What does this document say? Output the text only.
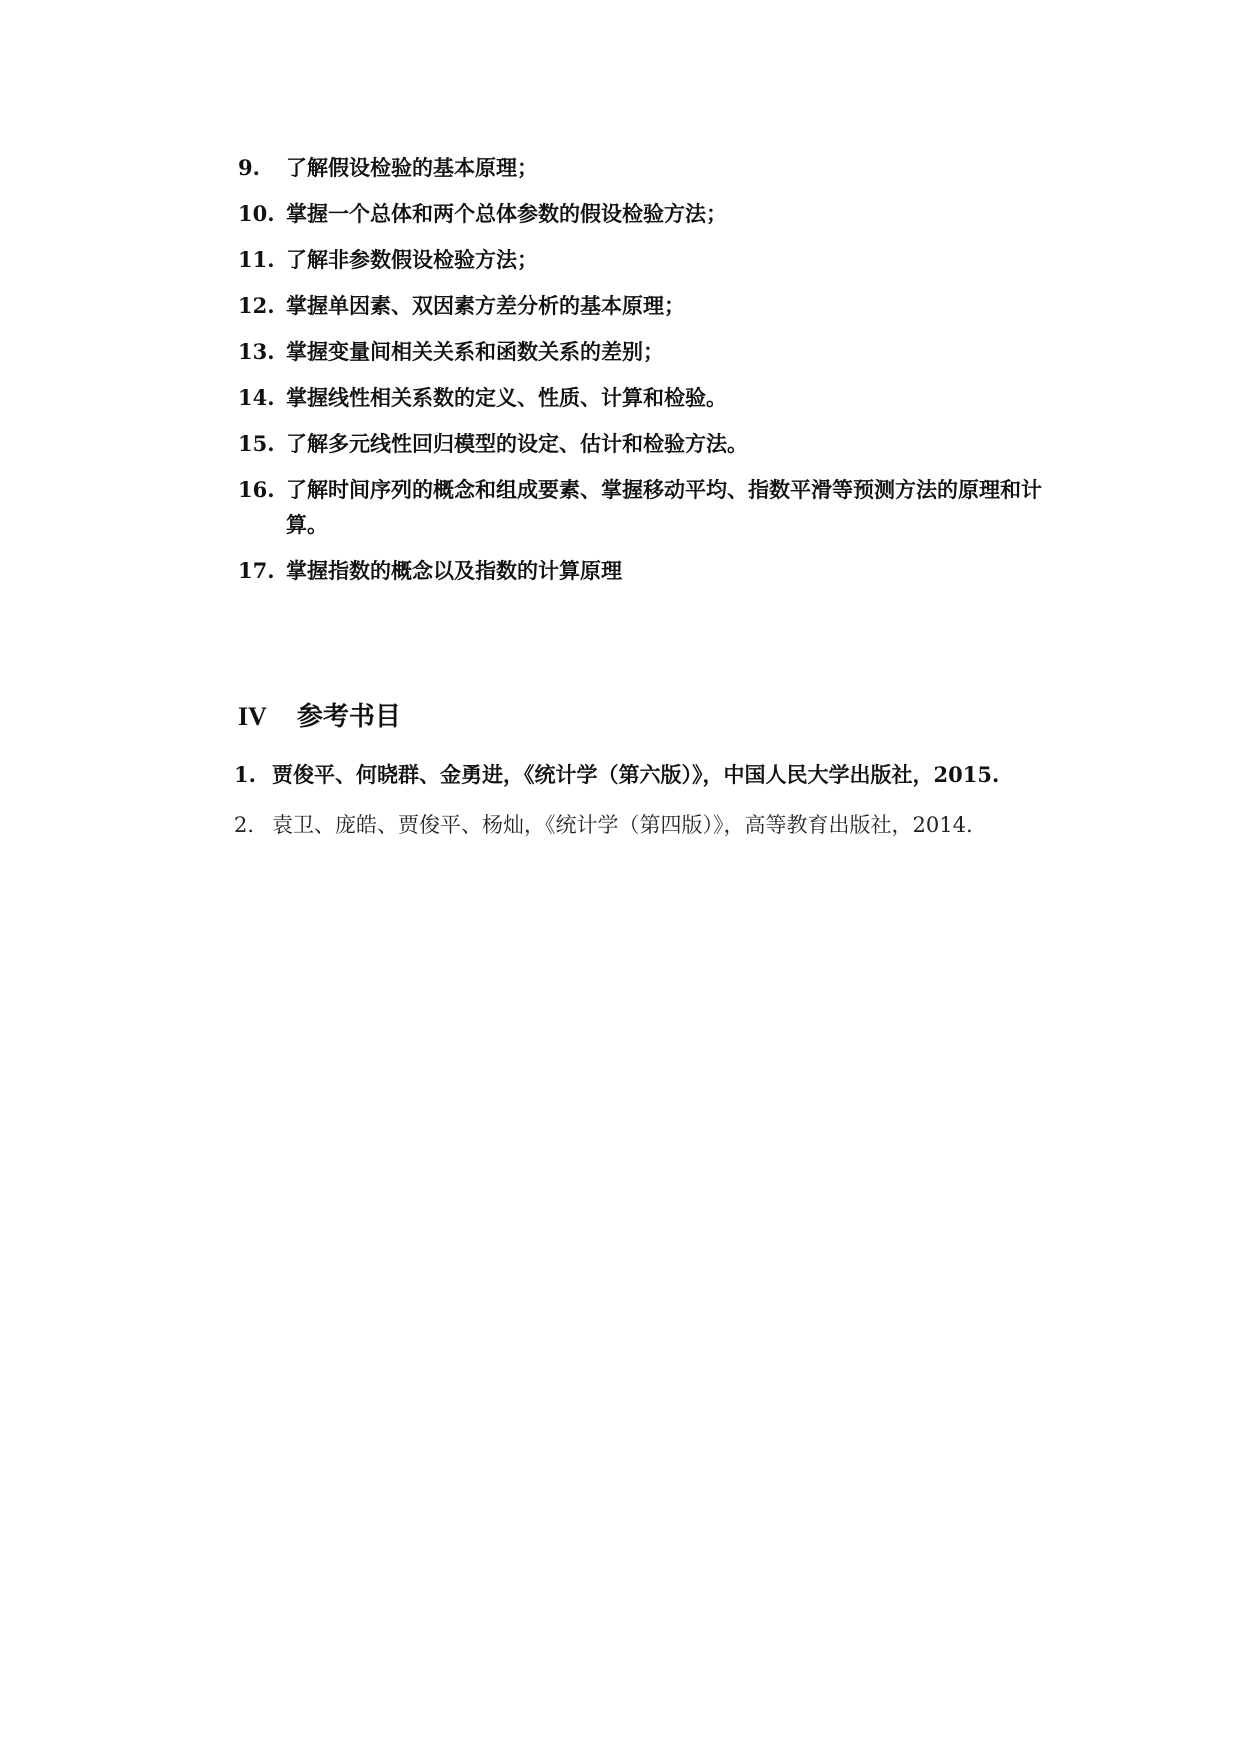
9. 了解假设检验的基本原理；
10. 掌握一个总体和两个总体参数的假设检验方法；
11. 了解非参数假设检验方法；
12. 掌握单因素、双因素方差分析的基本原理；
13. 掌握变量间相关关系和函数关系的差别；
14. 掌握线性相关系数的定义、性质、计算和检验。
15. 了解多元线性回归模型的设定、估计和检验方法。
16. 了解时间序列的概念和组成要素、掌握移动平均、指数平滑等预测方法的原理和计算。
17. 掌握指数的概念以及指数的计算原理
IV 参考书目
1. 贾俊平、何晓群、金勇进，《统计学（第六版）》，中国人民大学出版社，2015.
2. 袁卫、庞皓、贾俊平、杨灿，《统计学（第四版）》，高等教育出版社，2014.
